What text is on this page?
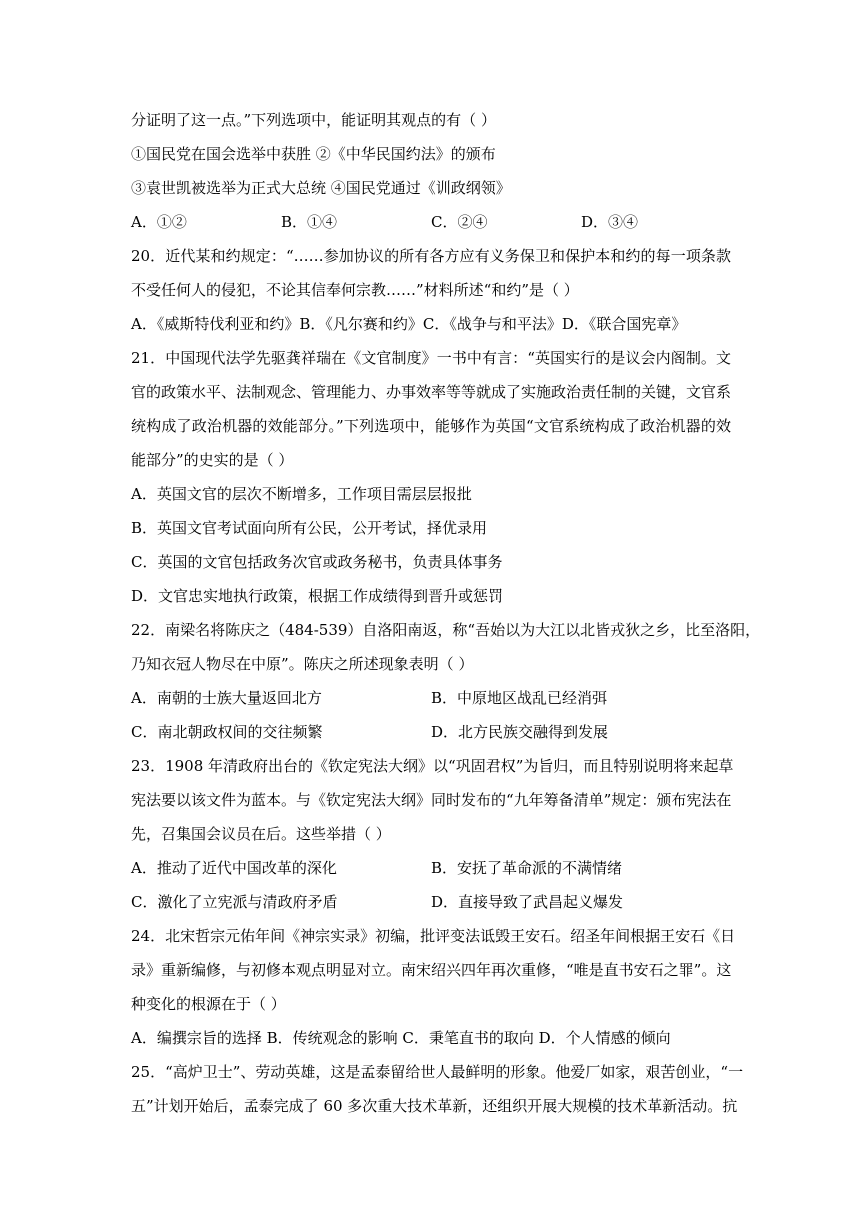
分证明了这一点。”下列选项中，能证明其观点的有（ ）
①国民党在国会选举中获胜 ②《中华民国约法》的颁布
③袁世凯被选举为正式大总统 ④国民党通过《训政纲领》
A．①②	B．①④	C．②④	D．③④
20．近代某和约规定：“……参加协议的所有各方应有义务保卫和保护本和约的每一项条款
不受任何人的侵犯，不论其信奉何宗教……”材料所述“和约”是（ ）
A．《威斯特伐利亚和约》B．《凡尔赛和约》C．《战争与和平法》D．《联合国宪章》
21．中国现代法学先驱龚祥瑞在《文官制度》一书中有言：“英国实行的是议会内阁制。文
官的政策水平、法制观念、管理能力、办事效率等等就成了实施政治责任制的关键，文官系
统构成了政治机器的效能部分。”下列选项中，能够作为英国“文官系统构成了政治机器的效
能部分”的史实的是（ ）
A．英国文官的层次不断增多，工作项目需层层报批
B．英国文官考试面向所有公民，公开考试，择优录用
C．英国的文官包括政务次官或政务秘书，负责具体事务
D．文官忠实地执行政策，根据工作成绩得到晋升或惩罚
22．南梁名将陈庆之（484-539）自洛阳南返，称“吾始以为大江以北皆戎狄之乡，比至洛阳，
乃知衣冠人物尽在中原”。陈庆之所述现象表明（ ）
A．南朝的士族大量返回北方	B．中原地区战乱已经消弭
C．南北朝政权间的交往频繁	D．北方民族交融得到发展
23．1908 年清政府出台的《钦定宪法大纲》以“巩固君权”为旨归，而且特别说明将来起草
宪法要以该文件为蓝本。与《钦定宪法大纲》同时发布的“九年筹备清单”规定：颁布宪法在
先，召集国会议员在后。这些举措（ ）
A．推动了近代中国改革的深化	B．安抚了革命派的不满情绪
C．激化了立宪派与清政府矛盾	D．直接导致了武昌起义爆发
24．北宋哲宗元佑年间《神宗实录》初编，批评变法诋毁王安石。绍圣年间根据王安石《日
录》重新编修，与初修本观点明显对立。南宋绍兴四年再次重修，“唯是直书安石之罪”。这
种变化的根源在于（ ）
A．编撰宗旨的选择 B．传统观念的影响 C．秉笔直书的取向 D．个人情感的倾向
25．“高炉卫士”、劳动英雄，这是孟泰留给世人最鲜明的形象。他爱厂如家，艰苦创业，“一
五”计划开始后，孟泰完成了 60 多次重大技术革新，还组织开展大规模的技术革新活动。抗
